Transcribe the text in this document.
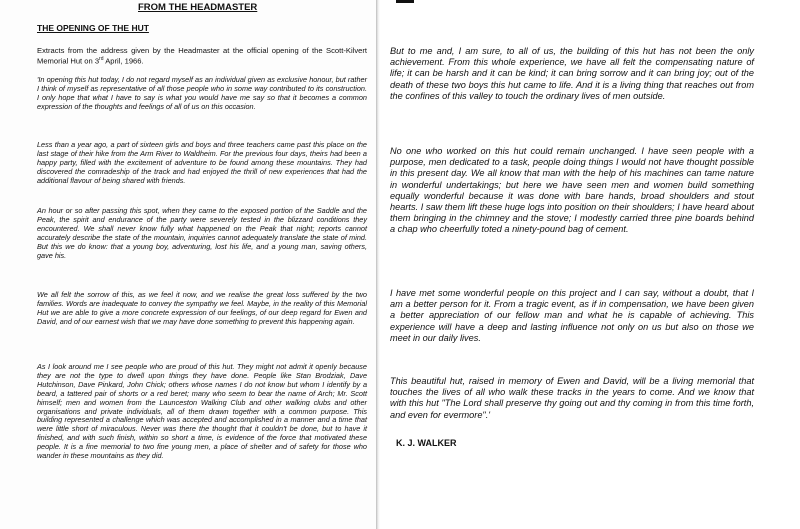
FROM THE HEADMASTER
THE OPENING OF THE HUT
Extracts from the address given by the Headmaster at the official opening of the Scott-Kilvert Memorial Hut on 3rd April, 1966.

'In opening this hut today, I do not regard myself as an individual given as exclusive honour, but rather I think of myself as representative of all those people who in some way contributed to its construction. I only hope that what I have to say is what you would have me say so that it becomes a common expression of the thoughts and feelings of all of us on this occasion.

Less than a year ago, a part of sixteen girls and boys and three teachers came past this place on the last stage of their hike from the Arm River to Waldheim. For the previous four days, theirs had been a happy party, filled with the excitement of adventure to be found among these mountains. They had discovered the comradeship of the track and had enjoyed the thrill of new experiences that had the additional flavour of being shared with friends.

An hour or so after passing this spot, when they came to the exposed portion of the Saddle and the Peak, the spirit and endurance of the party were severely tested in the blizzard conditions they encountered. We shall never know fully what happened on the Peak that night; reports cannot accurately describe the state of the mountain, inquiries cannot adequately translate the state of mind. But this we do know: that a young boy, adventuring, lost his life, and a young man, saving others, gave his.

We all felt the sorrow of this, as we feel it now, and we realise the great loss suffered by the two families. Words are inadequate to convey the sympathy we feel. Maybe, in the reality of this Memorial Hut we are able to give a more concrete expression of our feelings, of our deep regard for Ewen and David, and of our earnest wish that we may have done something to prevent this happening again.

As I look around me I see people who are proud of this hut. They might not admit it openly because they are not the type to dwell upon things they have done. People like Stan Brodziak, Dave Hutchinson, Dave Pinkard, John Chick; others whose names I do not know but whom I identify by a beard, a tattered pair of shorts or a red beret; many who seem to bear the name of Arch; Mr. Scott himself; men and women from the Launceston Walking Club and other walking clubs and other organisations and private individuals, all of them drawn together with a common purpose. This building represented a challenge which was accepted and accomplished in a manner and a time that were little short of miraculous. Never was there the thought that it couldn't be done, but to have it finished, and with such finish, within so short a time, is evidence of the force that motivated these people. It is a fine memorial to two fine young men, a place of shelter and of safety for those who wander in these mountains as they did.

But to me and, I am sure, to all of us, the building of this hut has not been the only achievement. From this whole experience, we have all felt the compensating nature of life; it can be harsh and it can be kind; it can bring sorrow and it can bring joy; out of the death of these two boys this hut came to life. And it is a living thing that reaches out from the confines of this valley to touch the ordinary lives of men outside.

No one who worked on this hut could remain unchanged. I have seen people with a purpose, men dedicated to a task, people doing things I would not have thought possible in this present day. We all know that man with the help of his machines can tame nature in wonderful undertakings; but here we have seen men and women build something equally wonderful because it was done with bare hands, broad shoulders and stout hearts. I saw them lift these huge logs into position on their shoulders; I have heard about them bringing in the chimney and the stove; I modestly carried three pine boards behind a chap who cheerfully toted a ninety-pound bag of cement.

I have met some wonderful people on this project and I can say, without a doubt, that I am a better person for it. From a tragic event, as if in compensation, we have been given a better appreciation of our fellow man and what he is capable of achieving. This experience will have a deep and lasting influence not only on us but also on those we meet in our daily lives.

This beautiful hut, raised in memory of Ewen and David, will be a living memorial that touches the lives of all who walk these tracks in the years to come. And we know that with this hut "The Lord shall preserve thy going out and thy coming in from this time forth, and even for evermore".'

K. J. WALKER
